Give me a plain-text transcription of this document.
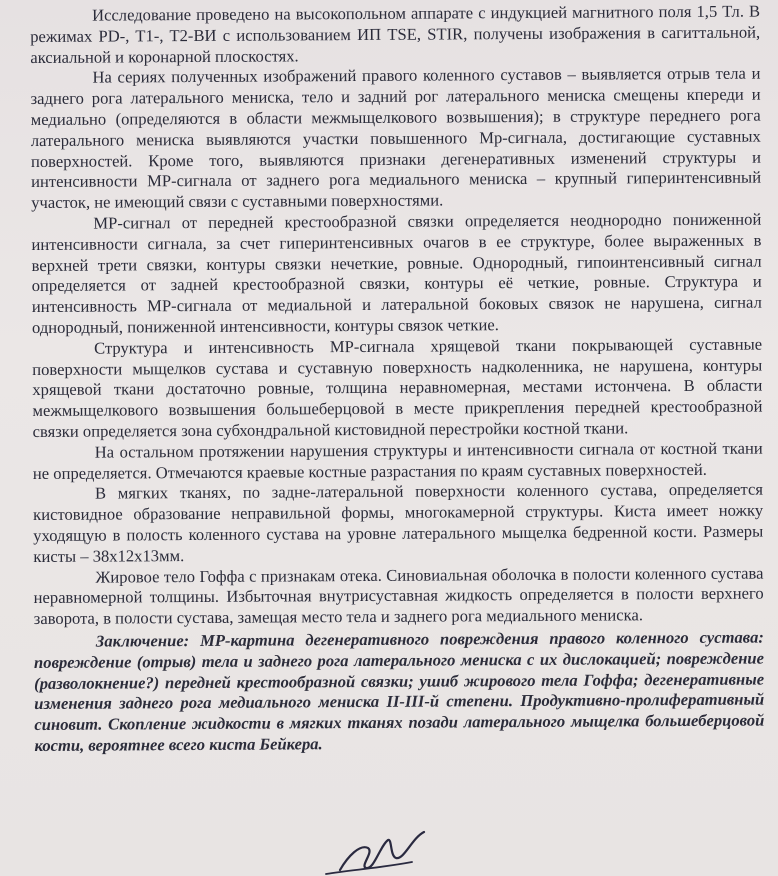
Исследование проведено на высокопольном аппарате с индукцией магнитного поля 1,5 Тл. В режимах PD-, T1-, T2-ВИ с использованием ИП TSE, STIR, получены изображения в сагиттальной, аксиальной и коронарной плоскостях.

На сериях полученных изображений правого коленного суставов – выявляется отрыв тела и заднего рога латерального мениска, тело и задний рог латерального мениска смещены кпереди и медиально (определяются в области межмыщелкового возвышения); в структуре переднего рога латерального мениска выявляются участки повышенного Мр-сигнала, достигающие суставных поверхностей. Кроме того, выявляются признаки дегенеративных изменений структуры и интенсивности МР-сигнала от заднего рога медиального мениска – крупный гиперинтенсивный участок, не имеющий связи с суставными поверхностями.

МР-сигнал от передней крестообразной связки определяется неоднородно пониженной интенсивности сигнала, за счет гиперинтенсивных очагов в ее структуре, более выраженных в верхней трети связки, контуры связки нечеткие, ровные. Однородный, гипоинтенсивный сигнал определяется от задней крестообразной связки, контуры её четкие, ровные. Структура и интенсивность МР-сигнала от медиальной и латеральной боковых связок не нарушена, сигнал однородный, пониженной интенсивности, контуры связок четкие.

Структура и интенсивность МР-сигнала хрящевой ткани покрывающей суставные поверхности мыщелков сустава и суставную поверхность надколенника, не нарушена, контуры хрящевой ткани достаточно ровные, толщина неравномерная, местами истончена. В области межмыщелкового возвышения большеберцовой в месте прикрепления передней крестообразной связки определяется зона субхондральной кистовидной перестройки костной ткани.

На остальном протяжении нарушения структуры и интенсивности сигнала от костной ткани не определяется. Отмечаются краевые костные разрастания по краям суставных поверхностей.

В мягких тканях, по задне-латеральной поверхности коленного сустава, определяется кистовидное образование неправильной формы, многокамерной структуры. Киста имеет ножку уходящую в полость коленного сустава на уровне латерального мыщелка бедренной кости. Размеры кисты – 38х12х13мм.

Жировое тело Гоффа с признакам отека. Синовиальная оболочка в полости коленного сустава неравномерной толщины. Избыточная внутрисуставная жидкость определяется в полости верхнего заворота, в полости сустава, замещая место тела и заднего рога медиального мениска.

Заключение: МР-картина дегенеративного повреждения правого коленного сустава: повреждение (отрыв) тела и заднего рога латерального мениска с их дислокацией; повреждение (разволокнение?) передней крестообразной связки; ушиб жирового тела Гоффа; дегенеративные изменения заднего рога медиального мениска II-III-й степени. Продуктивно-пролиферативный синовит. Скопление жидкости в мягких тканях позади латерального мыщелка большеберцовой кости, вероятнее всего киста Бейкера.
